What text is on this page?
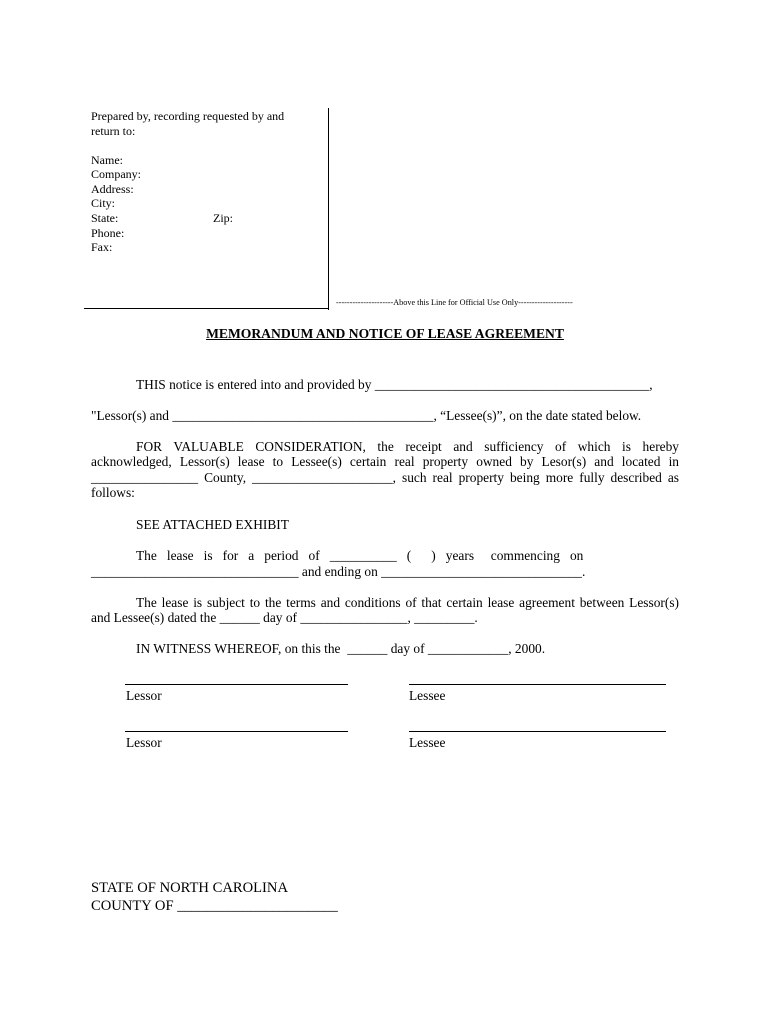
Prepared by, recording requested by and
return to:
Name:
Company:
Address:
City:
State:	Zip:
Phone:
Fax:
---------------------Above this Line for Official Use Only--------------------
MEMORANDUM AND NOTICE OF LEASE AGREEMENT
THIS notice is entered into and provided by _________________________________________,
"Lessor(s) and _______________________________________, “Lessee(s)”, on the date stated below.
FOR VALUABLE CONSIDERATION, the receipt and sufficiency of which is hereby acknowledged, Lessor(s) lease to Lessee(s) certain real property owned by Lesor(s) and located in ________________ County, _____________________, such real property being more fully described as follows:
SEE ATTACHED EXHIBIT
The   lease   is   for   a   period   of   __________   (      )   years     commencing   on
_______________________________ and ending on ______________________________.
The lease is subject to the terms and conditions of that certain lease agreement between Lessor(s) and Lessee(s) dated the ______ day of ________________, _________.
IN WITNESS WHEREOF, on this the  ______ day of ____________, 2000.
Lessor	Lessee
Lessor	Lessee
STATE OF NORTH CAROLINA
COUNTY OF ______________________
